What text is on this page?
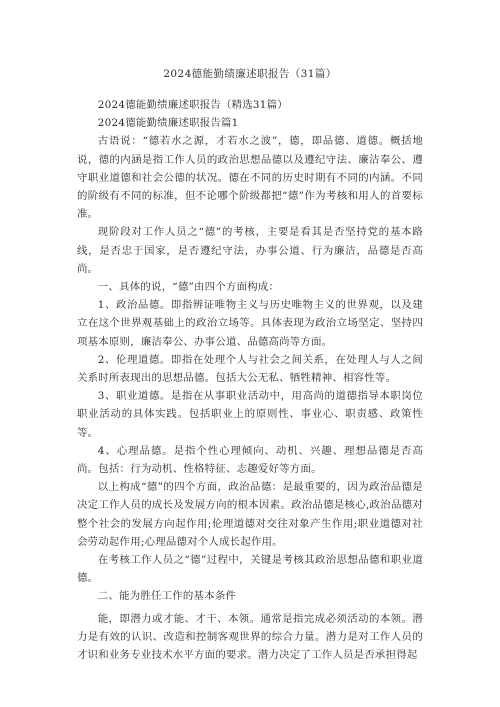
2024德能勤绩廉述职报告（31篇）

2024德能勤绩廉述职报告（精选31篇）

2024德能勤绩廉述职报告篇1

古语说：“德若水之源，才若水之波”，德，即品德、道德。概括地说，德的内涵是指工作人员的政治思想品德以及遵纪守法、廉洁奉公、遵守职业道德和社会公德的状况。德在不同的历史时期有不同的内涵。不同的阶级有不同的标准，但不论哪个阶级都把“德”作为考核和用人的首要标准。

现阶段对工作人员之“德”的考核，主要是看其是否坚持党的基本路线，是否忠于国家，是否遵纪守法，办事公道、行为廉洁，品德是否高尚。

一、具体的说，“德”由四个方面构成：

1、政治品德。即指辨证唯物主义与历史唯物主义的世界观，以及建立在这个世界观基础上的政治立场等。具体表现为政治立场坚定、坚持四项基本原则，廉洁奉公、办事公道、品德高尚等方面。

2、伦理道德。即指在处理个人与社会之间关系，在处理人与人之间关系时所表现出的思想品德。包括大公无私、牺牲精神、相容性等。

3、职业道德。是指在从事职业活动中，用高尚的道德指导本职岗位职业活动的具体实践。包括职业上的原则性、事业心、职责感、政策性等。

4、心理品德。是指个性心理倾向、动机、兴趣、理想品德是否高尚。包括：行为动机、性格特征、志趣爱好等方面。

以上构成“德”的四个方面，政治品德：是最重要的，因为政治品德是决定工作人员的成长及发展方向的根本因素。政治品德是核心,政治品德对整个社会的发展方向起作用;伦理道德对交往对象产生作用;职业道德对社会劳动起作用;心理品德对个人成长起作用。

在考核工作人员之“德”过程中，关键是考核其政治思想品德和职业道德。

二、能为胜任工作的基本条件

能，即潜力或才能、才干、本领。通常是指完成必须活动的本领。潜力是有效的认识、改造和控制客观世界的综合力量。潜力是对工作人员的才识和业务专业技术水平方面的要求。潜力决定了工作人员是否承担得起
